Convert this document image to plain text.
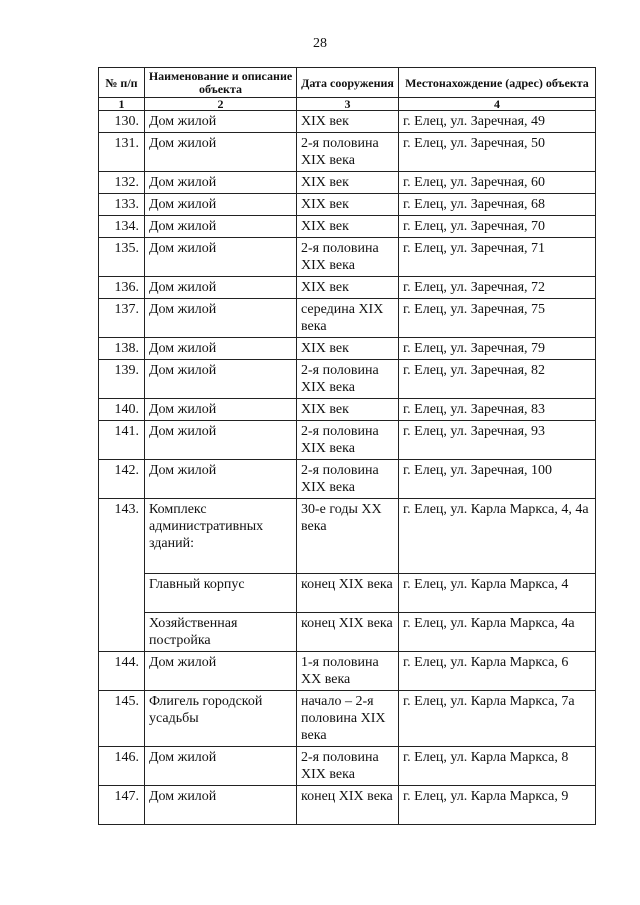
28
№ п/п	Наименование и описание объекта	Дата сооружения	Местонахождение (адрес) объекта
1	2	3	4
130.	Дом жилой	XIX век	г. Елец, ул. Заречная, 49
131.	Дом жилой	2-я половина XIX века	г. Елец, ул. Заречная, 50
132.	Дом жилой	XIX век	г. Елец, ул. Заречная, 60
133.	Дом жилой	XIX век	г. Елец, ул. Заречная, 68
134.	Дом жилой	XIX век	г. Елец, ул. Заречная, 70
135.	Дом жилой	2-я половина XIX века	г. Елец, ул. Заречная, 71
136.	Дом жилой	XIX век	г. Елец, ул. Заречная, 72
137.	Дом жилой	середина XIX века	г. Елец, ул. Заречная, 75
138.	Дом жилой	XIX век	г. Елец, ул. Заречная, 79
139.	Дом жилой	2-я половина XIX века	г. Елец, ул. Заречная, 82
140.	Дом жилой	XIX век	г. Елец, ул. Заречная, 83
141.	Дом жилой	2-я половина XIX века	г. Елец, ул. Заречная, 93
142.	Дом жилой	2-я половина XIX века	г. Елец, ул. Заречная, 100
143.	Комплекс административных зданий:	30-е годы XX века	г. Елец, ул. Карла Маркса, 4, 4а
	Главный корпус	конец XIX века	г. Елец, ул. Карла Маркса, 4
	Хозяйственная постройка	конец XIX века	г. Елец, ул. Карла Маркса, 4а
144.	Дом жилой	1-я половина XX века	г. Елец, ул. Карла Маркса, 6
145.	Флигель городской усадьбы	начало – 2-я половина XIX века	г. Елец, ул. Карла Маркса, 7а
146.	Дом жилой	2-я половина XIX века	г. Елец, ул. Карла Маркса, 8
147.	Дом жилой	конец XIX века	г. Елец, ул. Карла Маркса, 9
